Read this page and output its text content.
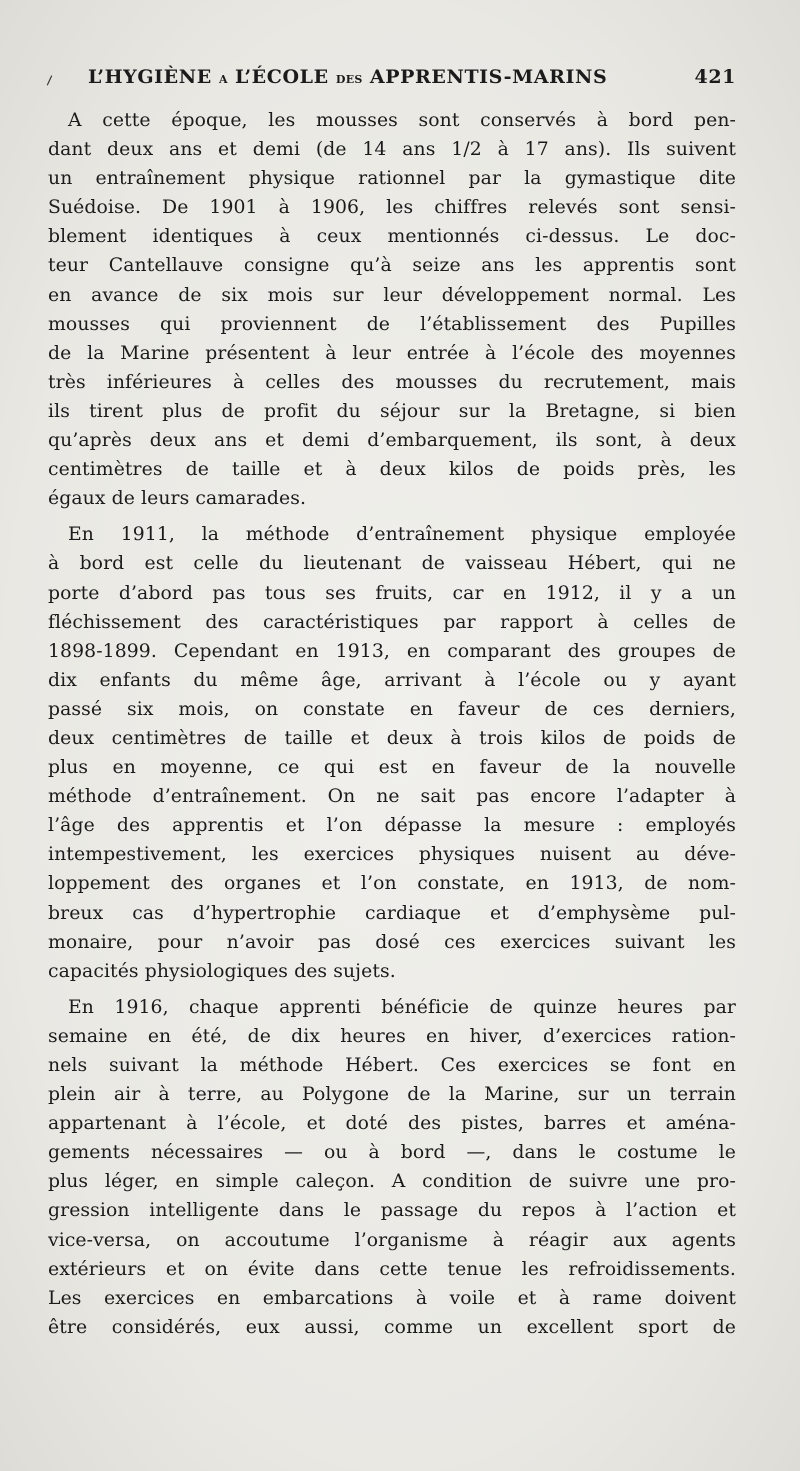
⸝ L’HYGIÈNE A L’ÉCOLE DES APPRENTIS-MARINS	421

A cette époque, les mousses sont conservés à bord pen-
dant deux ans et demi (de 14 ans 1/2 à 17 ans). Ils suivent
un entraînement physique rationnel par la gymastique dite
Suédoise. De 1901 à 1906, les chiffres relevés sont sensi-
blement identiques à ceux mentionnés ci-dessus. Le doc-
teur Cantellauve consigne qu’à seize ans les apprentis sont
en avance de six mois sur leur développement normal. Les
mousses qui proviennent de l’établissement des Pupilles
de la Marine présentent à leur entrée à l’école des moyennes
très inférieures à celles des mousses du recrutement, mais
ils tirent plus de profit du séjour sur la Bretagne, si bien
qu’après deux ans et demi d’embarquement, ils sont, à deux
centimètres de taille et à deux kilos de poids près, les
égaux de leurs camarades.

En 1911, la méthode d’entraînement physique employée
à bord est celle du lieutenant de vaisseau Hébert, qui ne
porte d’abord pas tous ses fruits, car en 1912, il y a un
fléchissement des caractéristiques par rapport à celles de
1898-1899. Cependant en 1913, en comparant des groupes de
dix enfants du même âge, arrivant à l’école ou y ayant
passé six mois, on constate en faveur de ces derniers,
deux centimètres de taille et deux à trois kilos de poids de
plus en moyenne, ce qui est en faveur de la nouvelle
méthode d’entraînement. On ne sait pas encore l’adapter à
l’âge des apprentis et l’on dépasse la mesure : employés
intempestivement, les exercices physiques nuisent au déve-
loppement des organes et l’on constate, en 1913, de nom-
breux cas d’hypertrophie cardiaque et d’emphysème pul-
monaire, pour n’avoir pas dosé ces exercices suivant les
capacités physiologiques des sujets.

En 1916, chaque apprenti bénéficie de quinze heures par
semaine en été, de dix heures en hiver, d’exercices ration-
nels suivant la méthode Hébert. Ces exercices se font en
plein air à terre, au Polygone de la Marine, sur un terrain
appartenant à l’école, et doté des pistes, barres et aména-
gements nécessaires — ou à bord —, dans le costume le
plus léger, en simple caleçon. A condition de suivre une pro-
gression intelligente dans le passage du repos à l’action et
vice-versa, on accoutume l’organisme à réagir aux agents
extérieurs et on évite dans cette tenue les refroidissements.
Les exercices en embarcations à voile et à rame doivent
être considérés, eux aussi, comme un excellent sport de
